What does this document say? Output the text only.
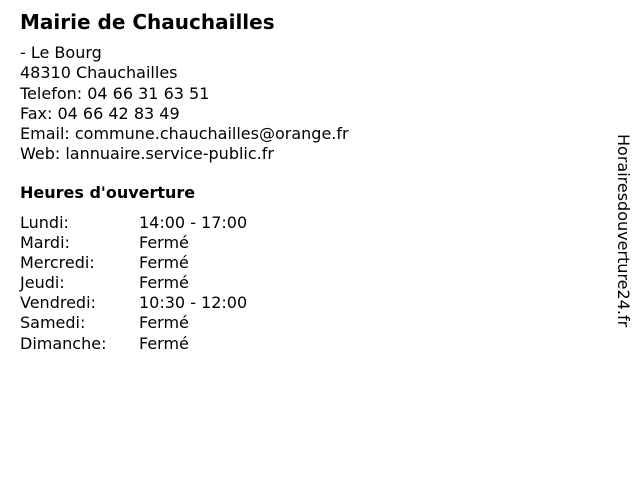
Mairie de Chauchailles
- Le Bourg
48310 Chauchailles
Telefon: 04 66 31 63 51
Fax: 04 66 42 83 49
Email: commune.chauchailles@orange.fr
Web: lannuaire.service-public.fr
Heures d'ouverture
Lundi:	14:00 - 17:00
Mardi:	Fermé
Mercredi:	Fermé
Jeudi:	Fermé
Vendredi:	10:30 - 12:00
Samedi:	Fermé
Dimanche: Fermé
Horairesdouverture24.fr
